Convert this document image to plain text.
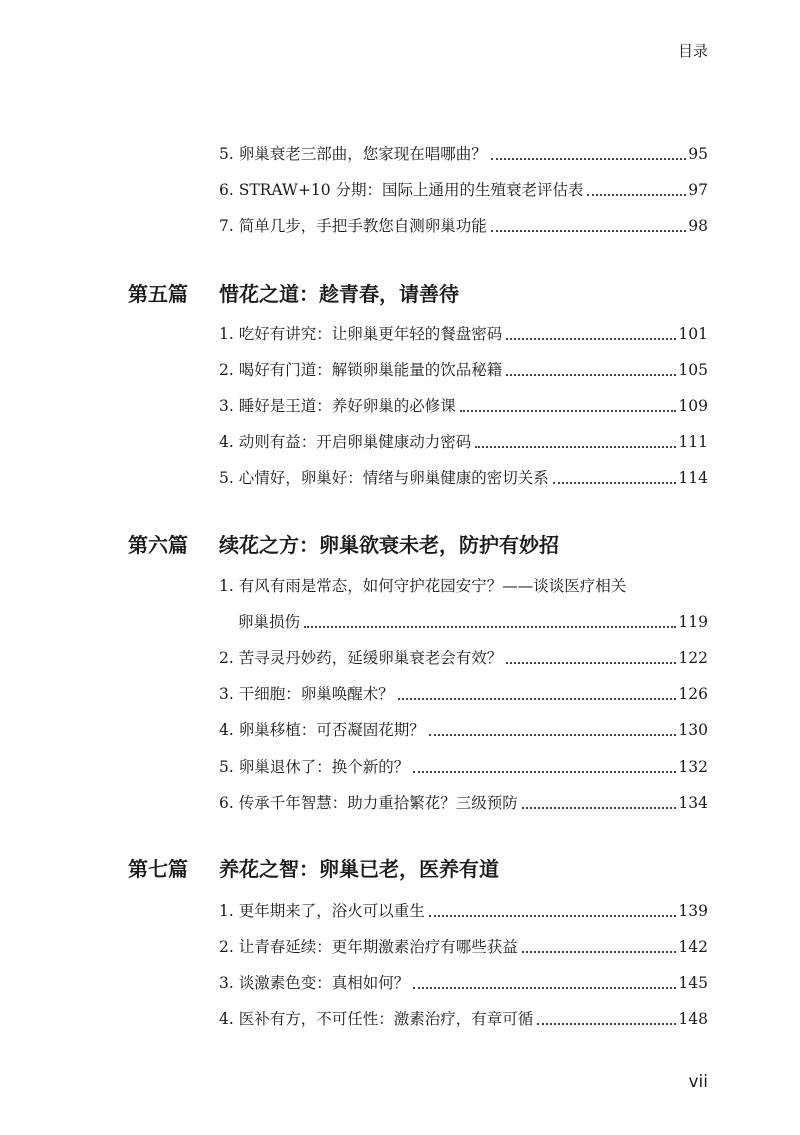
目录
5. 卵巢衰老三部曲，您家现在唱哪曲？	95
6. STRAW+10 分期：国际上通用的生殖衰老评估表	97
7. 简单几步，手把手教您自测卵巢功能	98
第五篇 惜花之道：趁青春，请善待
1. 吃好有讲究：让卵巢更年轻的餐盘密码	101
2. 喝好有门道：解锁卵巢能量的饮品秘籍	105
3. 睡好是王道：养好卵巢的必修课	109
4. 动则有益：开启卵巢健康动力密码	111
5. 心情好，卵巢好：情绪与卵巢健康的密切关系	114
第六篇 续花之方：卵巢欲衰未老，防护有妙招
1. 有风有雨是常态，如何守护花园安宁？——谈谈医疗相关
卵巢损伤	119
2. 苦寻灵丹妙药，延缓卵巢衰老会有效？	122
3. 干细胞：卵巢唤醒术？	126
4. 卵巢移植：可否凝固花期？	130
5. 卵巢退休了：换个新的？	132
6. 传承千年智慧：助力重拾繁花？三级预防	134
第七篇 养花之智：卵巢已老，医养有道
1. 更年期来了，浴火可以重生	139
2. 让青春延续：更年期激素治疗有哪些获益	142
3. 谈激素色变：真相如何？	145
4. 医补有方，不可任性：激素治疗，有章可循	148
vii
